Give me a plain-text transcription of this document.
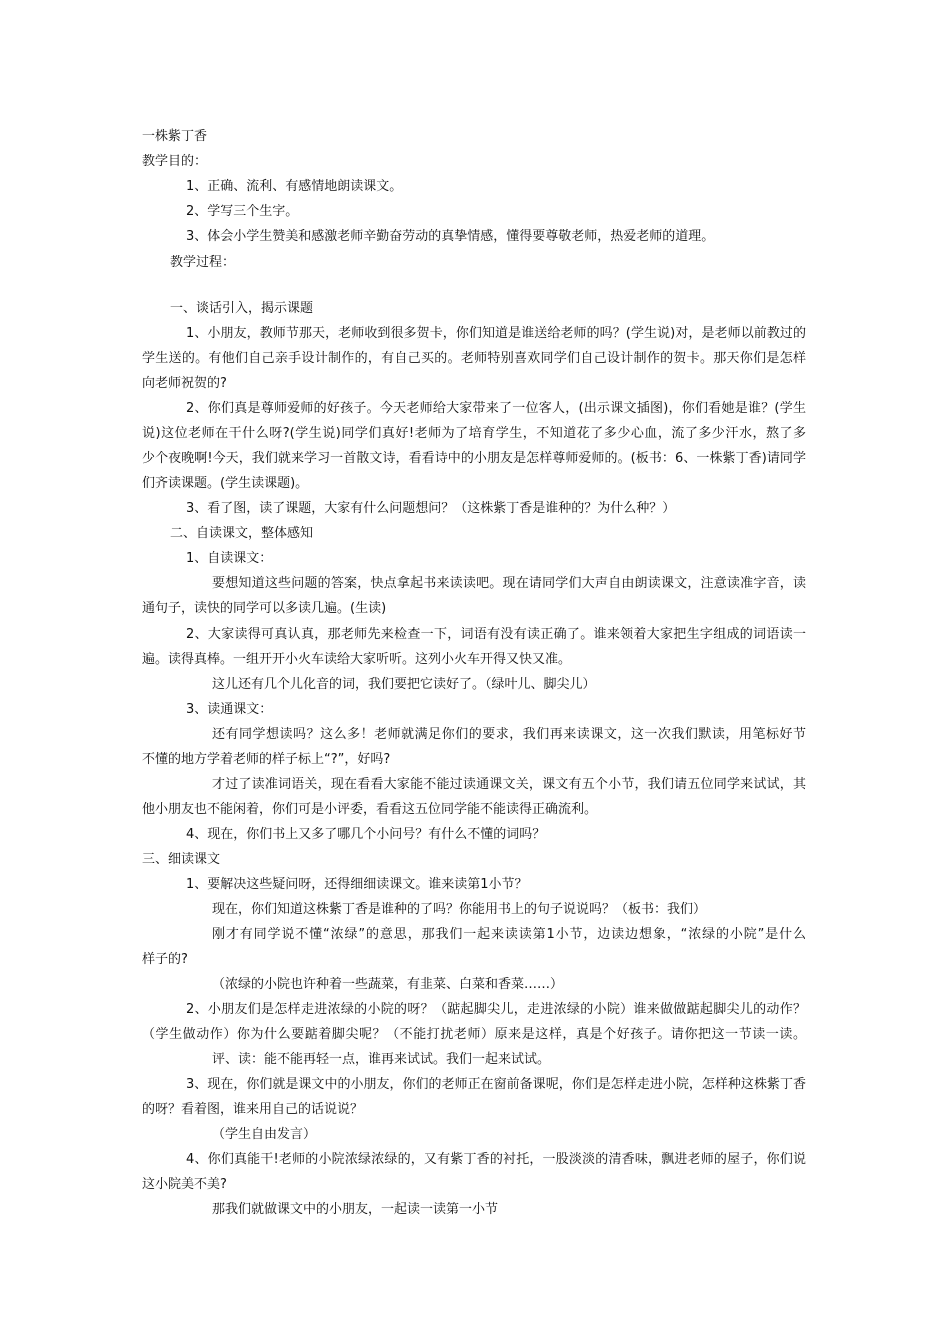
一株紫丁香
教学目的：
1、正确、流利、有感情地朗读课文。
2、学写三个生字。
3、体会小学生赞美和感激老师辛勤奋劳动的真挚情感，懂得要尊敬老师，热爱老师的道理。
教学过程：
一、谈话引入，揭示课题
1、小朋友，教师节那天，老师收到很多贺卡，你们知道是谁送给老师的吗？(学生说)对，是老师以前教过的
学生送的。有他们自己亲手设计制作的，有自己买的。老师特别喜欢同学们自己设计制作的贺卡。那天你们是怎样
向老师祝贺的?
2、你们真是尊师爱师的好孩子。今天老师给大家带来了一位客人，(出示课文插图)，你们看她是谁？(学生
说)这位老师在干什么呀?(学生说)同学们真好!老师为了培育学生，不知道花了多少心血，流了多少汗水，熬了多
少个夜晚啊!今天，我们就来学习一首散文诗，看看诗中的小朋友是怎样尊师爱师的。(板书：6、一株紫丁香)请同学
们齐读课题。(学生读课题)。
3、看了图，读了课题，大家有什么问题想问？（这株紫丁香是谁种的？为什么种？）
二、自读课文，整体感知
1、自读课文：
要想知道这些问题的答案，快点拿起书来读读吧。现在请同学们大声自由朗读课文，注意读准字音，读
通句子，读快的同学可以多读几遍。(生读)
2、大家读得可真认真，那老师先来检查一下，词语有没有读正确了。谁来领着大家把生字组成的词语读一
遍。读得真棒。一组开开小火车读给大家听听。这列小火车开得又快又准。
这儿还有几个儿化音的词，我们要把它读好了。（绿叶儿、脚尖儿）
3、读通课文：
还有同学想读吗？这么多！老师就满足你们的要求，我们再来读课文，这一次我们默读，用笔标好节
不懂的地方学着老师的样子标上“?”，好吗?
才过了读准词语关，现在看看大家能不能过读通课文关，课文有五个小节，我们请五位同学来试试，其
他小朋友也不能闲着，你们可是小评委，看看这五位同学能不能读得正确流利。
4、现在，你们书上又多了哪几个小问号？有什么不懂的词吗？
三、细读课文
1、要解决这些疑问呀，还得细细读课文。谁来读第1小节？
现在，你们知道这株紫丁香是谁种的了吗？你能用书上的句子说说吗？（板书：我们）
刚才有同学说不懂“浓绿”的意思，那我们一起来读读第1小节，边读边想象，“浓绿的小院”是什么
样子的?
（浓绿的小院也许种着一些蔬菜，有韭菜、白菜和香菜……）
2、小朋友们是怎样走进浓绿的小院的呀？（踮起脚尖儿，走进浓绿的小院）谁来做做踮起脚尖儿的动作？
（学生做动作）你为什么要踮着脚尖呢？（不能打扰老师）原来是这样，真是个好孩子。请你把这一节读一读。
评、读：能不能再轻一点，谁再来试试。我们一起来试试。
3、现在，你们就是课文中的小朋友，你们的老师正在窗前备课呢，你们是怎样走进小院，怎样种这株紫丁香
的呀？看着图，谁来用自己的话说说？
（学生自由发言）
4、你们真能干!老师的小院浓绿浓绿的，又有紫丁香的衬托，一股淡淡的清香味，飘进老师的屋子，你们说
这小院美不美?
那我们就做课文中的小朋友，一起读一读第一小节
